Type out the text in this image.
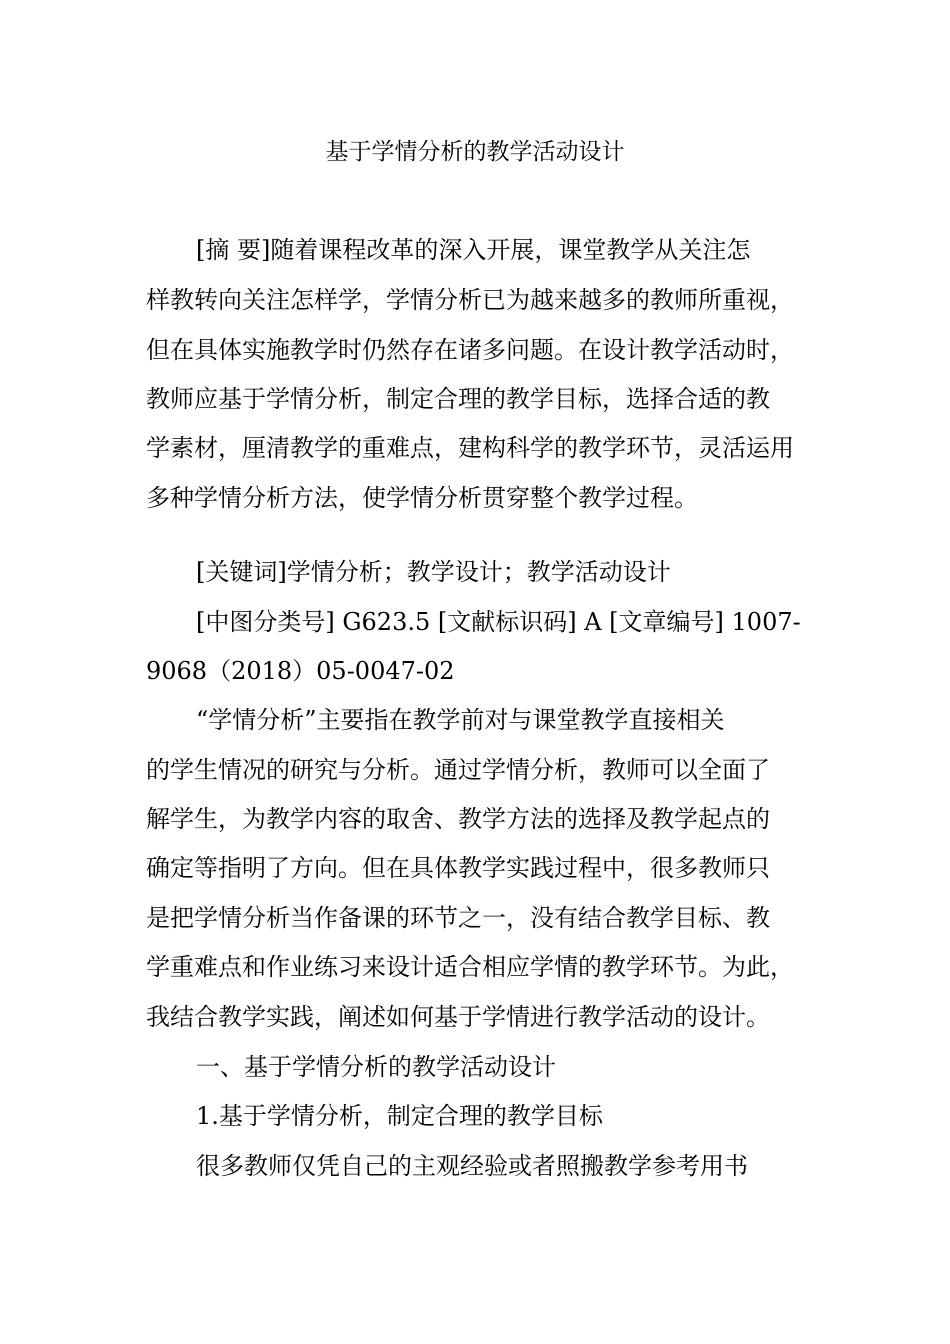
基于学情分析的教学活动设计
[摘 要]随着课程改革的深入开展，课堂教学从关注怎
样教转向关注怎样学，学情分析已为越来越多的教师所重视，
但在具体实施教学时仍然存在诸多问题。在设计教学活动时，
教师应基于学情分析，制定合理的教学目标，选择合适的教
学素材，厘清教学的重难点，建构科学的教学环节，灵活运用
多种学情分析方法，使学情分析贯穿整个教学过程。
[关键词]学情分析；教学设计；教学活动设计
[中图分类号] G623.5 [文献标识码] A [文章编号] 1007-
9068（2018）05-0047-02
“学情分析”主要指在教学前对与课堂教学直接相关
的学生情况的研究与分析。通过学情分析，教师可以全面了
解学生，为教学内容的取舍、教学方法的选择及教学起点的
确定等指明了方向。但在具体教学实践过程中，很多教师只
是把学情分析当作备课的环节之一，没有结合教学目标、教
学重难点和作业练习来设计适合相应学情的教学环节。为此，
我结合教学实践，阐述如何基于学情进行教学活动的设计。
一、基于学情分析的教学活动设计
1.基于学情分析，制定合理的教学目标
很多教师仅凭自己的主观经验或者照搬教学参考用书
